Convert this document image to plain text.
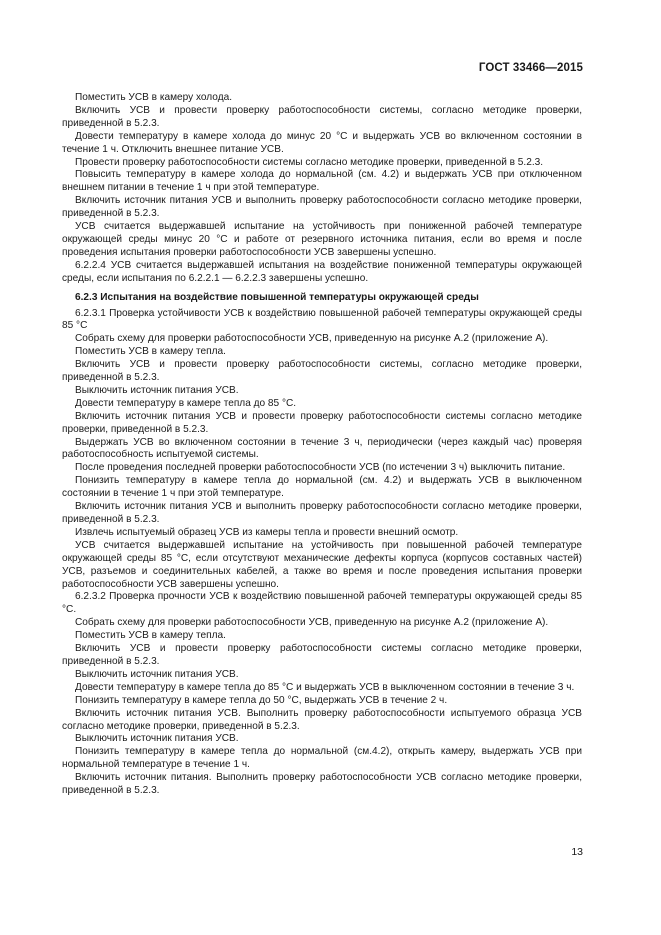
ГОСТ 33466—2015

Поместить УСВ в камеру холода.

Включить УСВ и провести проверку работоспособности системы, согласно методике проверки, приведенной в 5.2.3.

Довести температуру в камере холода до минус 20 °C и выдержать УСВ во включенном состоянии в течение 1 ч. Отключить внешнее питание УСВ.

Провести проверку работоспособности системы согласно методике проверки, приведенной в 5.2.3.

Повысить температуру в камере холода до нормальной (см. 4.2) и выдержать УСВ при отключенном внешнем питании в течение 1 ч при этой температуре.

Включить источник питания УСВ и выполнить проверку работоспособности согласно методике проверки, приведенной в 5.2.3.

УСВ считается выдержавшей испытание на устойчивость при пониженной рабочей температуре окружающей среды минус 20 °C и работе от резервного источника питания, если во время и после проведения испытания проверки работоспособности УСВ завершены успешно.

6.2.2.4 УСВ считается выдержавшей испытания на воздействие пониженной температуры окружающей среды, если испытания по 6.2.2.1 — 6.2.2.3 завершены успешно.

6.2.3 Испытания на воздействие повышенной температуры окружающей среды

6.2.3.1 Проверка устойчивости УСВ к воздействию повышенной рабочей температуры окружающей среды 85 °C

Собрать схему для проверки работоспособности УСВ, приведенную на рисунке А.2 (приложение А).

Поместить УСВ в камеру тепла.

Включить УСВ и провести проверку работоспособности системы, согласно методике проверки, приведенной в 5.2.3.

Выключить источник питания УСВ.

Довести температуру в камере тепла до 85 °C.

Включить источник питания УСВ и провести проверку работоспособности системы согласно методике проверки, приведенной в 5.2.3.

Выдержать УСВ во включенном состоянии в течение 3 ч, периодически (через каждый час) проверяя работоспособность испытуемой системы.

После проведения последней проверки работоспособности УСВ (по истечении 3 ч) выключить питание.

Понизить температуру в камере тепла до нормальной (см. 4.2) и выдержать УСВ в выключенном состоянии в течение 1 ч при этой температуре.

Включить источник питания УСВ и выполнить проверку работоспособности согласно методике проверки, приведенной в 5.2.3.

Извлечь испытуемый образец УСВ из камеры тепла и провести внешний осмотр.

УСВ считается выдержавшей испытание на устойчивость при повышенной рабочей температуре окружающей среды 85 °C, если отсутствуют механические дефекты корпуса (корпусов составных частей) УСВ, разъемов и соединительных кабелей, а также во время и после проведения испытания проверки работоспособности УСВ завершены успешно.

6.2.3.2 Проверка прочности УСВ к воздействию повышенной рабочей температуры окружающей среды 85 °C.

Собрать схему для проверки работоспособности УСВ, приведенную на рисунке А.2 (приложение А).

Поместить УСВ в камеру тепла.

Включить УСВ и провести проверку работоспособности системы согласно методике проверки, приведенной в 5.2.3.

Выключить источник питания УСВ.

Довести температуру в камере тепла до 85 °C и выдержать УСВ в выключенном состоянии в течение 3 ч.

Понизить температуру в камере тепла до 50 °C, выдержать УСВ в течение 2 ч.

Включить источник питания УСВ. Выполнить проверку работоспособности испытуемого образца УСВ согласно методике проверки, приведенной в 5.2.3.

Выключить источник питания УСВ.

Понизить температуру в камере тепла до нормальной (см.4.2), открыть камеру, выдержать УСВ при нормальной температуре в течение 1 ч.

Включить источник питания. Выполнить проверку работоспособности УСВ согласно методике проверки, приведенной в 5.2.3.

13
